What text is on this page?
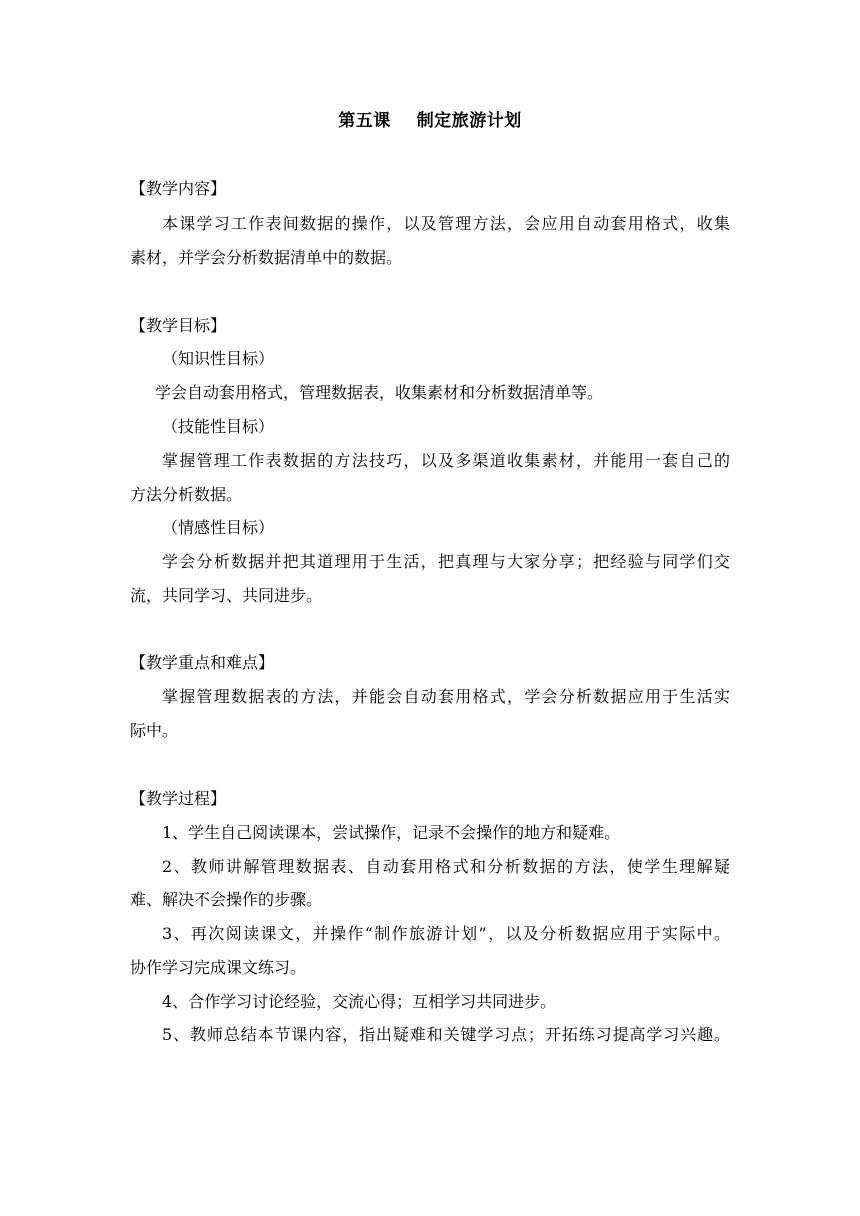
第五课 制定旅游计划
【教学内容】
本课学习工作表间数据的操作，以及管理方法，会应用自动套用格式，收集
素材，并学会分析数据清单中的数据。
【教学目标】
（知识性目标）
学会自动套用格式，管理数据表，收集素材和分析数据清单等。
（技能性目标）
掌握管理工作表数据的方法技巧，以及多渠道收集素材，并能用一套自己的
方法分析数据。
（情感性目标）
学会分析数据并把其道理用于生活，把真理与大家分享；把经验与同学们交
流，共同学习、共同进步。
【教学重点和难点】
掌握管理数据表的方法，并能会自动套用格式，学会分析数据应用于生活实
际中。
【教学过程】
1、学生自己阅读课本，尝试操作，记录不会操作的地方和疑难。
2、教师讲解管理数据表、自动套用格式和分析数据的方法，使学生理解疑
难、解决不会操作的步骤。
3、再次阅读课文，并操作“制作旅游计划”，以及分析数据应用于实际中。
协作学习完成课文练习。
4、合作学习讨论经验，交流心得；互相学习共同进步。
5、教师总结本节课内容，指出疑难和关键学习点；开拓练习提高学习兴趣。
